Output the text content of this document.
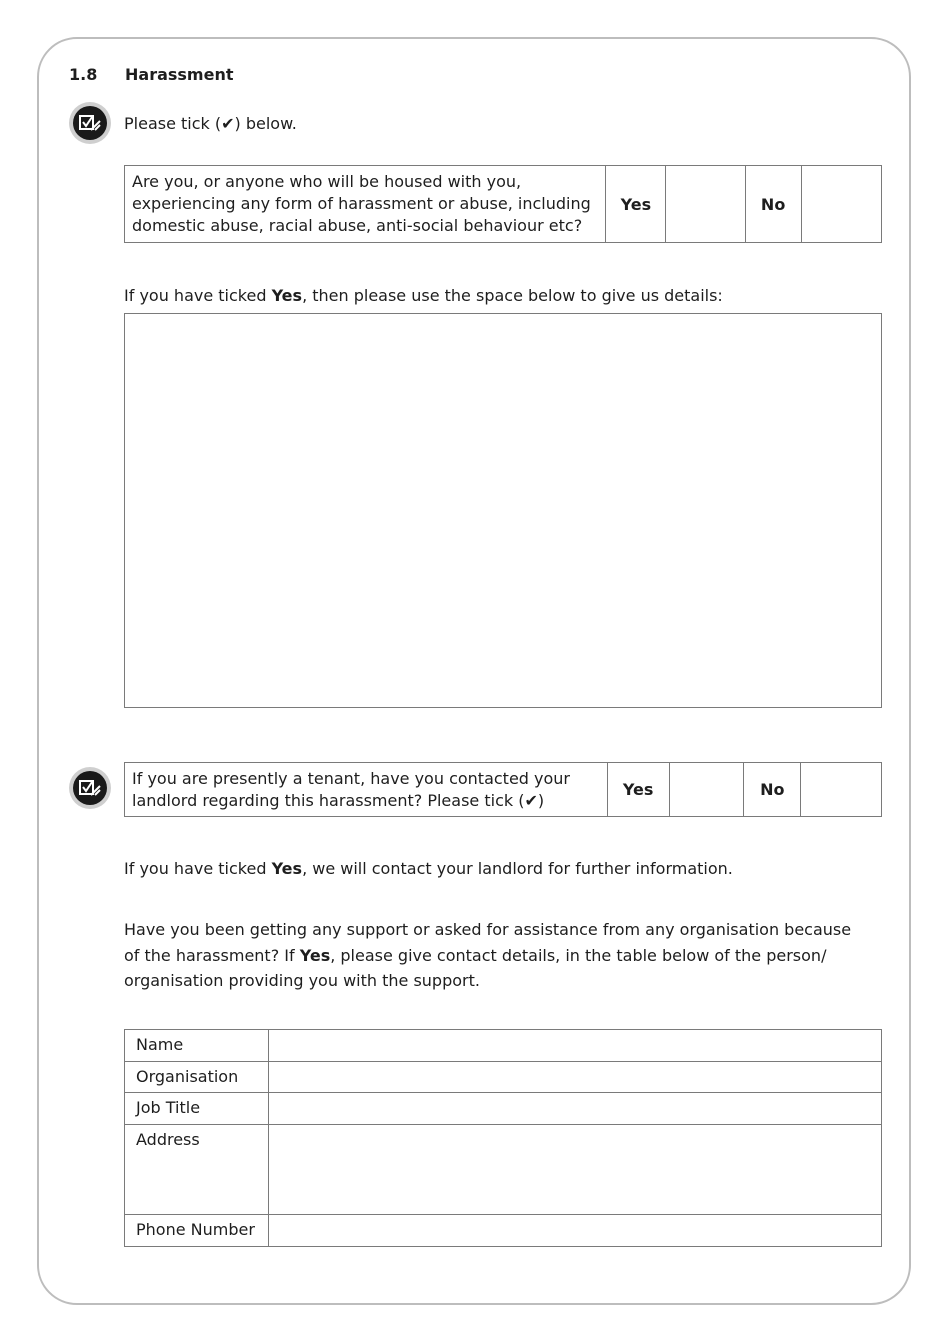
1.8 Harassment
Please tick (✔) below.
Are you, or anyone who will be housed with you, experiencing any form of harassment or abuse, including domestic abuse, racial abuse, anti-social behaviour etc?	Yes		No	
If you have ticked Yes, then please use the space below to give us details:
If you are presently a tenant, have you contacted your landlord regarding this harassment? Please tick (✔)	Yes		No	
If you have ticked Yes, we will contact your landlord for further information.
Have you been getting any support or asked for assistance from any organisation because of the harassment? If Yes, please give contact details, in the table below of the person/ organisation providing you with the support.
Name	
Organisation	
Job Title	
Address	
Phone Number	
